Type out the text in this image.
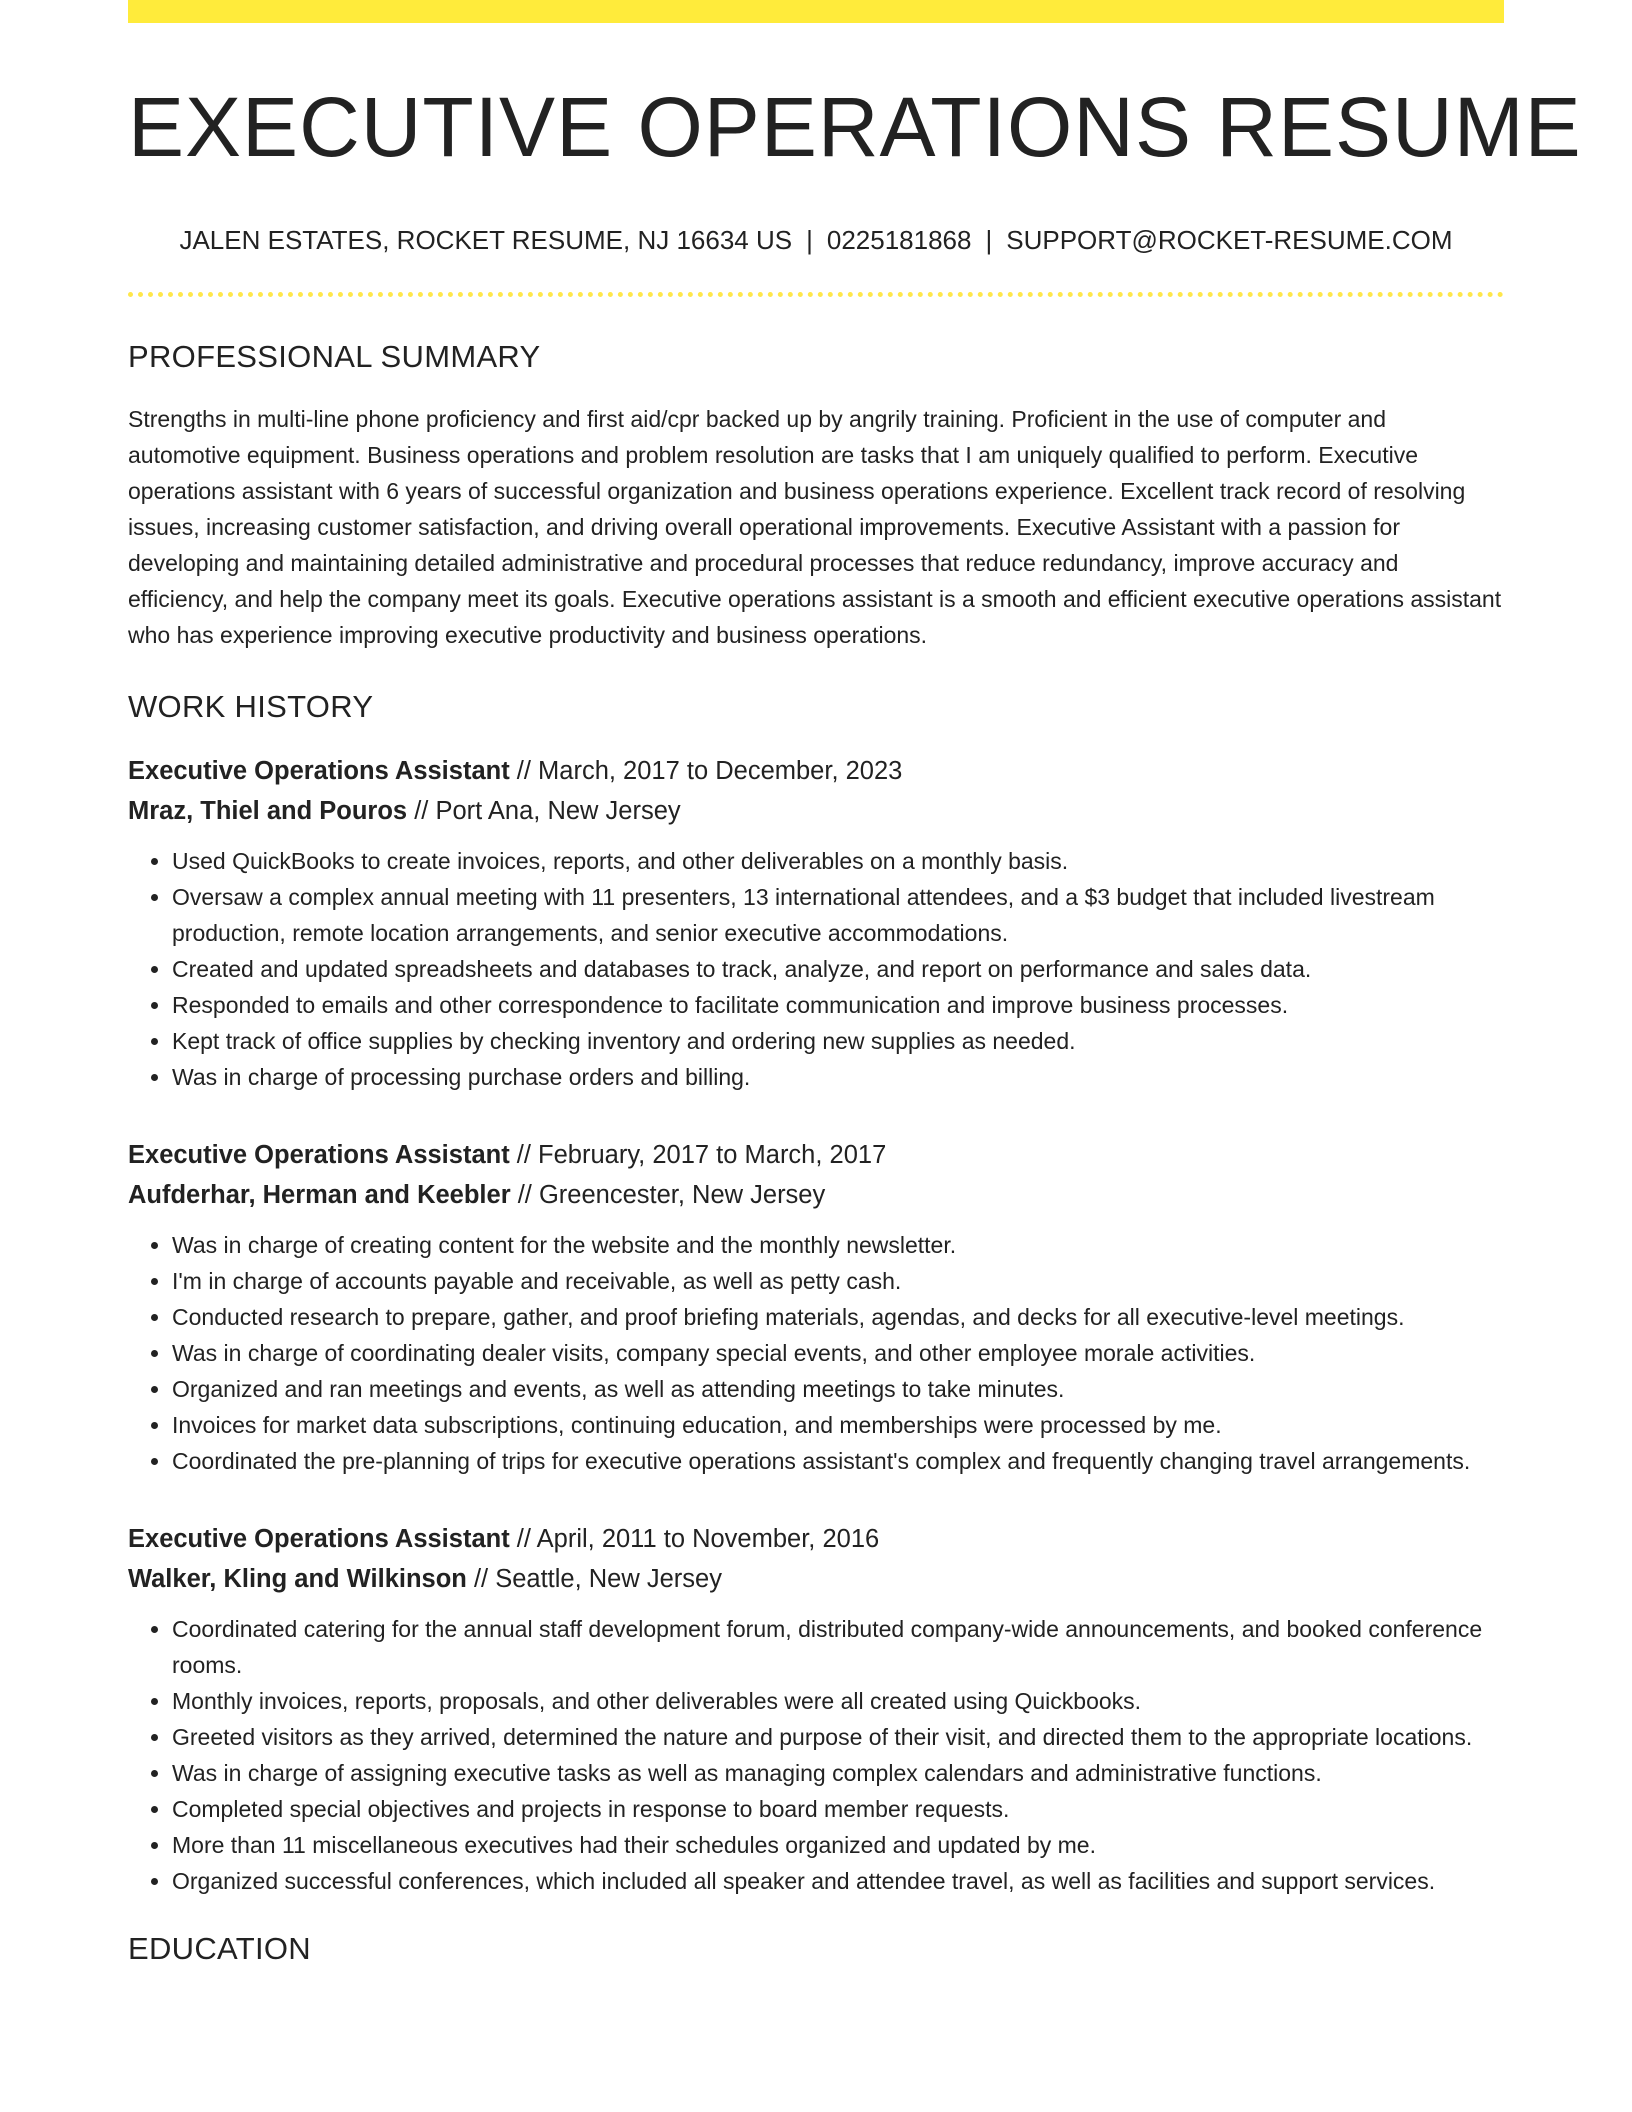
EXECUTIVE OPERATIONS RESUME
JALEN ESTATES, ROCKET RESUME, NJ 16634 US | 0225181868 | SUPPORT@ROCKET-RESUME.COM
PROFESSIONAL SUMMARY

Strengths in multi-line phone proficiency and first aid/cpr backed up by angrily training. Proficient in the use of computer and automotive equipment. Business operations and problem resolution are tasks that I am uniquely qualified to perform. Executive operations assistant with 6 years of successful organization and business operations experience. Excellent track record of resolving issues, increasing customer satisfaction, and driving overall operational improvements. Executive Assistant with a passion for developing and maintaining detailed administrative and procedural processes that reduce redundancy, improve accuracy and efficiency, and help the company meet its goals. Executive operations assistant is a smooth and efficient executive operations assistant who has experience improving executive productivity and business operations.

WORK HISTORY
Executive Operations Assistant // March, 2017 to December, 2023
Mraz, Thiel and Pouros // Port Ana, New Jersey
• Used QuickBooks to create invoices, reports, and other deliverables on a monthly basis.
• Oversaw a complex annual meeting with 11 presenters, 13 international attendees, and a $3 budget that included livestream production, remote location arrangements, and senior executive accommodations.
• Created and updated spreadsheets and databases to track, analyze, and report on performance and sales data.
• Responded to emails and other correspondence to facilitate communication and improve business processes.
• Kept track of office supplies by checking inventory and ordering new supplies as needed.
• Was in charge of processing purchase orders and billing.
Executive Operations Assistant // February, 2017 to March, 2017
Aufderhar, Herman and Keebler // Greencester, New Jersey
• Was in charge of creating content for the website and the monthly newsletter.
• I'm in charge of accounts payable and receivable, as well as petty cash.
• Conducted research to prepare, gather, and proof briefing materials, agendas, and decks for all executive-level meetings.
• Was in charge of coordinating dealer visits, company special events, and other employee morale activities.
• Organized and ran meetings and events, as well as attending meetings to take minutes.
• Invoices for market data subscriptions, continuing education, and memberships were processed by me.
• Coordinated the pre-planning of trips for executive operations assistant's complex and frequently changing travel arrangements.
Executive Operations Assistant // April, 2011 to November, 2016
Walker, Kling and Wilkinson // Seattle, New Jersey
• Coordinated catering for the annual staff development forum, distributed company-wide announcements, and booked conference rooms.
• Monthly invoices, reports, proposals, and other deliverables were all created using Quickbooks.
• Greeted visitors as they arrived, determined the nature and purpose of their visit, and directed them to the appropriate locations.
• Was in charge of assigning executive tasks as well as managing complex calendars and administrative functions.
• Completed special objectives and projects in response to board member requests.
• More than 11 miscellaneous executives had their schedules organized and updated by me.
• Organized successful conferences, which included all speaker and attendee travel, as well as facilities and support services.
EDUCATION
